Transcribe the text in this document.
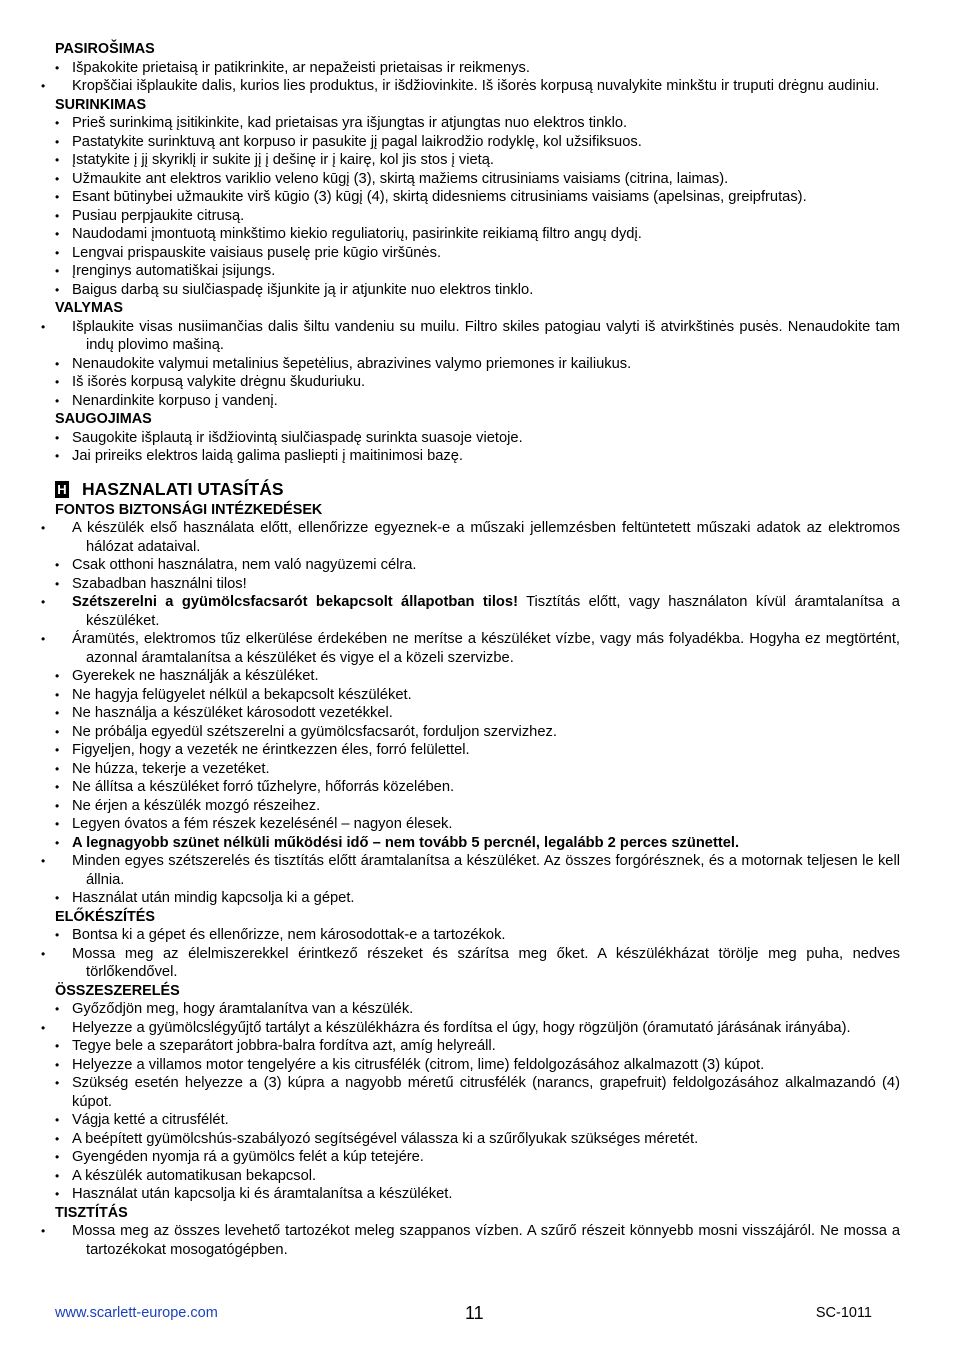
PASIROŠIMAS
• Išpakokite prietaisą ir patikrinkite, ar nepažeisti prietaisas ir reikmenys.
• Kropščiai išplaukite dalis, kurios lies produktus, ir išdžiovinkite. Iš išorės korpusą nuvalykite minkštu ir truputi drėgnu audiniu.
SURINKIMAS
• Prieš surinkimą įsitikinkite, kad prietaisas yra išjungtas ir atjungtas nuo elektros tinklo.
• Pastatykite surinktuvą ant korpuso ir pasukite jį pagal laikrodžio rodyklę, kol užsifiksuos.
• Įstatykite į jį skyriklį ir sukite jį į dešinę ir į kairę, kol jis stos į vietą.
• Užmaukite ant elektros variklio veleno kūgį (3), skirtą mažiems citrusiniams vaisiams (citrina, laimas).
• Esant būtinybei užmaukite virš kūgio (3) kūgį (4), skirtą didesniems citrusiniams vaisiams (apelsinas, greipfrutas).
• Pusiau perpjaukite citrusą.
• Naudodami įmontuotą minkštimo kiekio reguliatorių, pasirinkite reikiamą filtro angų dydį.
• Lengvai prispauskite vaisiaus puselę prie kūgio viršūnės.
• Įrenginys automatiškai įsijungs.
• Baigus darbą su siulčiaspadę išjunkite ją ir atjunkite nuo elektros tinklo.
VALYMAS
• Išplaukite visas nusiimančias dalis šiltu vandeniu su muilu. Filtro skiles patogiau valyti iš atvirkštinės pusės. Nenaudokite tam indų plovimo mašiną.
• Nenaudokite valymui metalinius šepetėlius, abrazivines valymo priemones ir kailiukus.
• Iš išorės korpusą valykite drėgnu škuduriuku.
• Nenardinkite korpuso į vandenį.
SAUGOJIMAS
• Saugokite išplautą ir išdžiovintą siulčiaspadę surinkta suasoje vietoje.
• Jai prireiks elektros laidą galima pasliepti į maitinimosi bazę.
H HASZNALATI UTASÍTÁS
FONTOS BIZTONSÁGI INTÉZKEDÉSEK
• A készülék első használata előtt, ellenőrizze egyeznek-e a műszaki jellemzésben feltüntetett műszaki adatok az elektromos hálózat adataival.
• Csak otthoni használatra, nem való nagyüzemi célra.
• Szabadban használni tilos!
• Szétszerelni a gyümölcsfacsarót bekapcsolt állapotban tilos! Tisztítás előtt, vagy használaton kívül áramtalanítsa a készüléket.
• Áramütés, elektromos tűz elkerülése érdekében ne merítse a készüléket vízbe, vagy más folyadékba. Hogyha ez megtörtént, azonnal áramtalanítsa a készüléket és vigye el a közeli szervizbe.
• Gyerekek ne használják a készüléket.
• Ne hagyja felügyelet nélkül a bekapcsolt készüléket.
• Ne használja a készüléket károsodott vezetékkel.
• Ne próbálja egyedül szétszerelni a gyümölcsfacsarót, forduljon szervizhez.
• Figyeljen, hogy a vezeték ne érintkezzen éles, forró felülettel.
• Ne húzza, tekerje a vezetéket.
• Ne állítsa a készüléket forró tűzhelyre, hőforrás közelében.
• Ne érjen a készülék mozgó részeihez.
• Legyen óvatos a fém részek kezelésénél – nagyon élesek.
• A legnagyobb szünet nélküli működési idő – nem tovább 5 percnél, legalább 2 perces szünettel.
• Minden egyes szétszerelés és tisztítás előtt áramtalanítsa a készüléket. Az összes forgórésznek, és a motornak teljesen le kell állnia.
• Használat után mindig kapcsolja ki a gépet.
ELŐKÉSZÍTÉS
• Bontsa ki a gépet és ellenőrizze, nem károsodottak-e a tartozékok.
• Mossa meg az élelmiszerekkel érintkező részeket és szárítsa meg őket. A készülékházat törölje meg puha, nedves törlőkendővel.
ÖSSZESZERELÉS
• Győződjön meg, hogy áramtalanítva van a készülék.
• Helyezze a gyümölcslégyűjtő tartályt a készülékházra és fordítsa el úgy, hogy rögzüljön (óramutató járásának irányába).
• Tegye bele a szeparátort jobbra-balra fordítva azt, amíg helyreáll.
• Helyezze a villamos motor tengelyére a kis citrusfélék (citrom, lime) feldolgozásához alkalmazott (3) kúpot.
• Szükség esetén helyezze a (3) kúpra a nagyobb méretű citrusfélék (narancs, grapefruit) feldolgozásához alkalmazandó (4) kúpot.
• Vágja ketté a citrusfélét.
• A beépített gyümölcshús-szabályozó segítségével válassza ki a szűrőlyukak szükséges méretét.
• Gyengéden nyomja rá a gyümölcs felét a kúp tetejére.
• A készülék automatikusan bekapcsol.
• Használat után kapcsolja ki és áramtalanítsa a készüléket.
TISZTÍTÁS
• Mossa meg az összes levehető tartozékot meleg szappanos vízben. A szűrő részeit könnyebb mosni visszájáról. Ne mossa a tartozékokat mosogatógépben.
www.scarlett-europe.com	11	SC-1011
